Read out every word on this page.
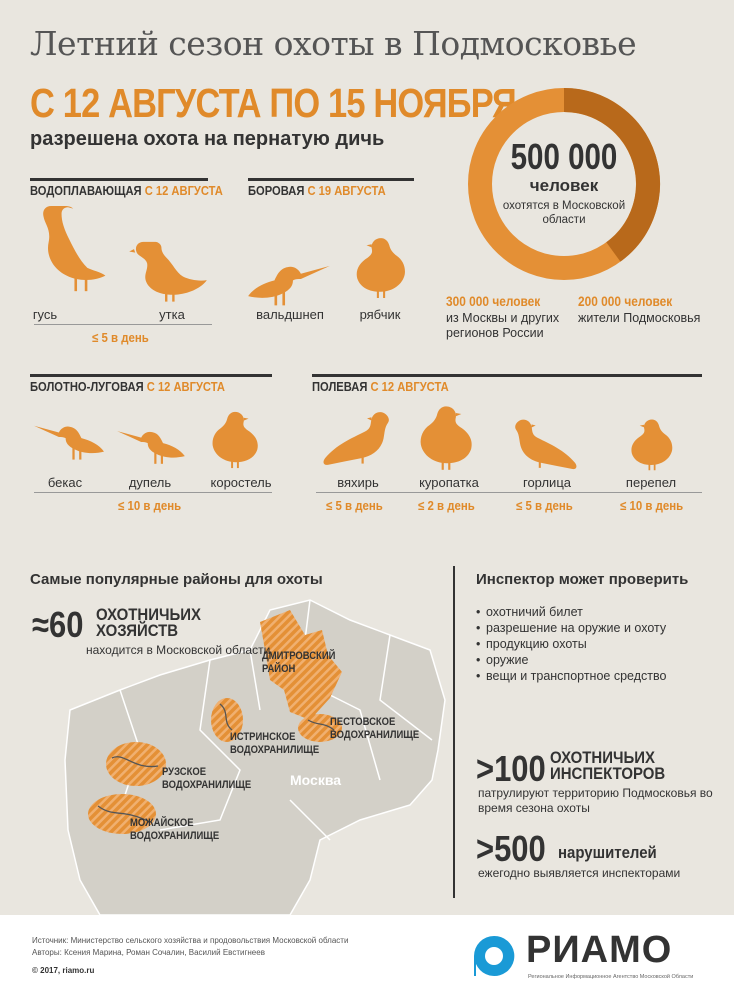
Летний сезон охоты в Подмосковье
С 12 АВГУСТА ПО 15 НОЯБРЯ
разрешена охота на пернатую дичь	500 000
человек
охотятся в Московской области
300 000 человек
из Москвы и других регионов России
200 000 человек
жители Подмосковья
ВОДОПЛАВАЮЩАЯ С 12 АВГУСТА
гусь	утка
≤ 5 в день
БОРОВАЯ С 19 АВГУСТА
вальдшнеп	рябчик
БОЛОТНО-ЛУГОВАЯ С 12 АВГУСТА
бекас	дупель	коростель
≤ 10 в день
ПОЛЕВАЯ С 12 АВГУСТА
вяхирь	куропатка	горлица	перепел
≤ 5 в день	≤ 2 в день	≤ 5 в день	≤ 10 в день
Самые популярные районы для охоты
≈60 ОХОТНИЧЬИХ ХОЗЯЙСТВ
находится в Московской области
ДМИТРОВСКИЙ РАЙОН
ПЕСТОВСКОЕ ВОДОХРАНИЛИЩЕ
ИСТРИНСКОЕ ВОДОХРАНИЛИЩЕ
РУЗСКОЕ ВОДОХРАНИЛИЩЕ
МОЖАЙСКОЕ ВОДОХРАНИЛИЩЕ
Москва
Инспектор может проверить
• охотничий билет
• разрешение на оружие и охоту
• продукцию охоты
• оружие
• вещи и транспортное средство
>100 ОХОТНИЧЬИХ ИНСПЕКТОРОВ
патрулируют территорию Подмосковья во время сезона охоты
>500 нарушителей
ежегодно выявляется инспекторами
Источник: Министерство сельского хозяйства и продовольствия Московской области
Авторы: Ксения Марина, Роман Сочалин, Василий Евстигнеев
© 2017, riamo.ru	РИАМО
Региональное Информационное Агентство Московской Области
